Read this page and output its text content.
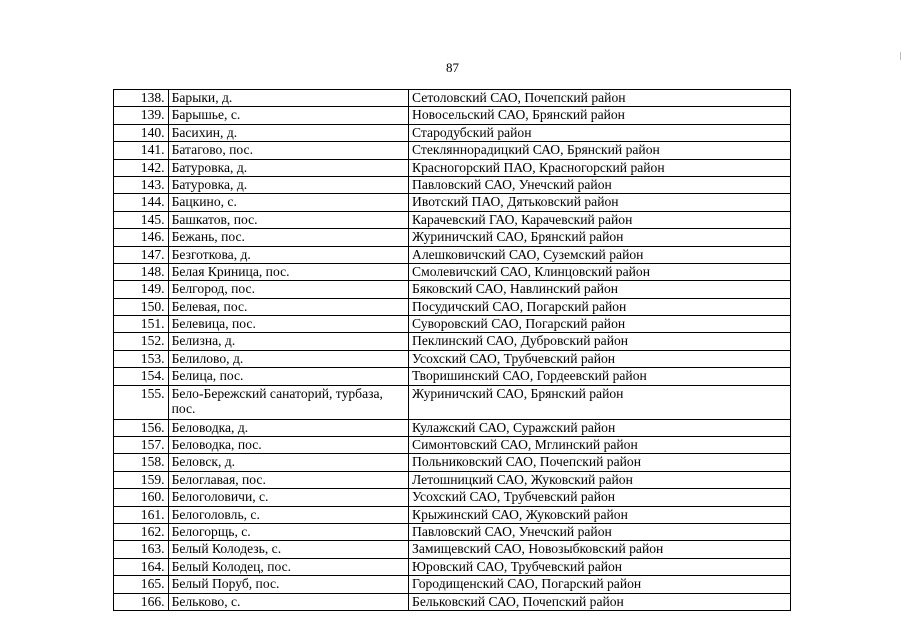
87
138.	Барыки, д.	Сетоловский САО, Почепский район
139.	Барышье, с.	Новосельский САО, Брянский район
140.	Басихин, д.	Стародубский район
141.	Батагово, пос.	Стекляннорадицкий САО, Брянский район
142.	Батуровка, д.	Красногорский ПАО, Красногорский район
143.	Батуровка, д.	Павловский САО, Унечский район
144.	Бацкино, с.	Ивотский ПАО, Дятьковский район
145.	Башкатов, пос.	Карачевский ГАО, Карачевский район
146.	Бежань, пос.	Журиничский САО, Брянский район
147.	Безготкова, д.	Алешковичский САО, Суземский район
148.	Белая Криница, пос.	Смолевичский САО, Клинцовский район
149.	Белгород, пос.	Бяковский САО, Навлинский район
150.	Белевая, пос.	Посудичский САО, Погарский район
151.	Белевица, пос.	Суворовский САО, Погарский район
152.	Белизна, д.	Пеклинский САО, Дубровский район
153.	Белилово, д.	Усохский САО, Трубчевский район
154.	Белица, пос.	Творишинский САО, Гордеевский район
155.	Бело-Бережский санаторий, турбаза, пос.	Журиничский САО, Брянский район
156.	Беловодка, д.	Кулажский САО, Суражский район
157.	Беловодка, пос.	Симонтовский САО, Мглинский район
158.	Беловск, д.	Польниковский САО, Почепский район
159.	Белоглавая, пос.	Летошницкий САО, Жуковский район
160.	Белоголовичи, с.	Усохский САО, Трубчевский район
161.	Белоголовль, с.	Крыжинский САО, Жуковский район
162.	Белогорщь, с.	Павловский САО, Унечский район
163.	Белый Колодезь, с.	Замищевский САО, Новозыбковский район
164.	Белый Колодец, пос.	Юровский САО, Трубчевский район
165.	Белый Поруб, пос.	Городищенский САО, Погарский район
166.	Бельково, с.	Бельковский САО, Почепский район
